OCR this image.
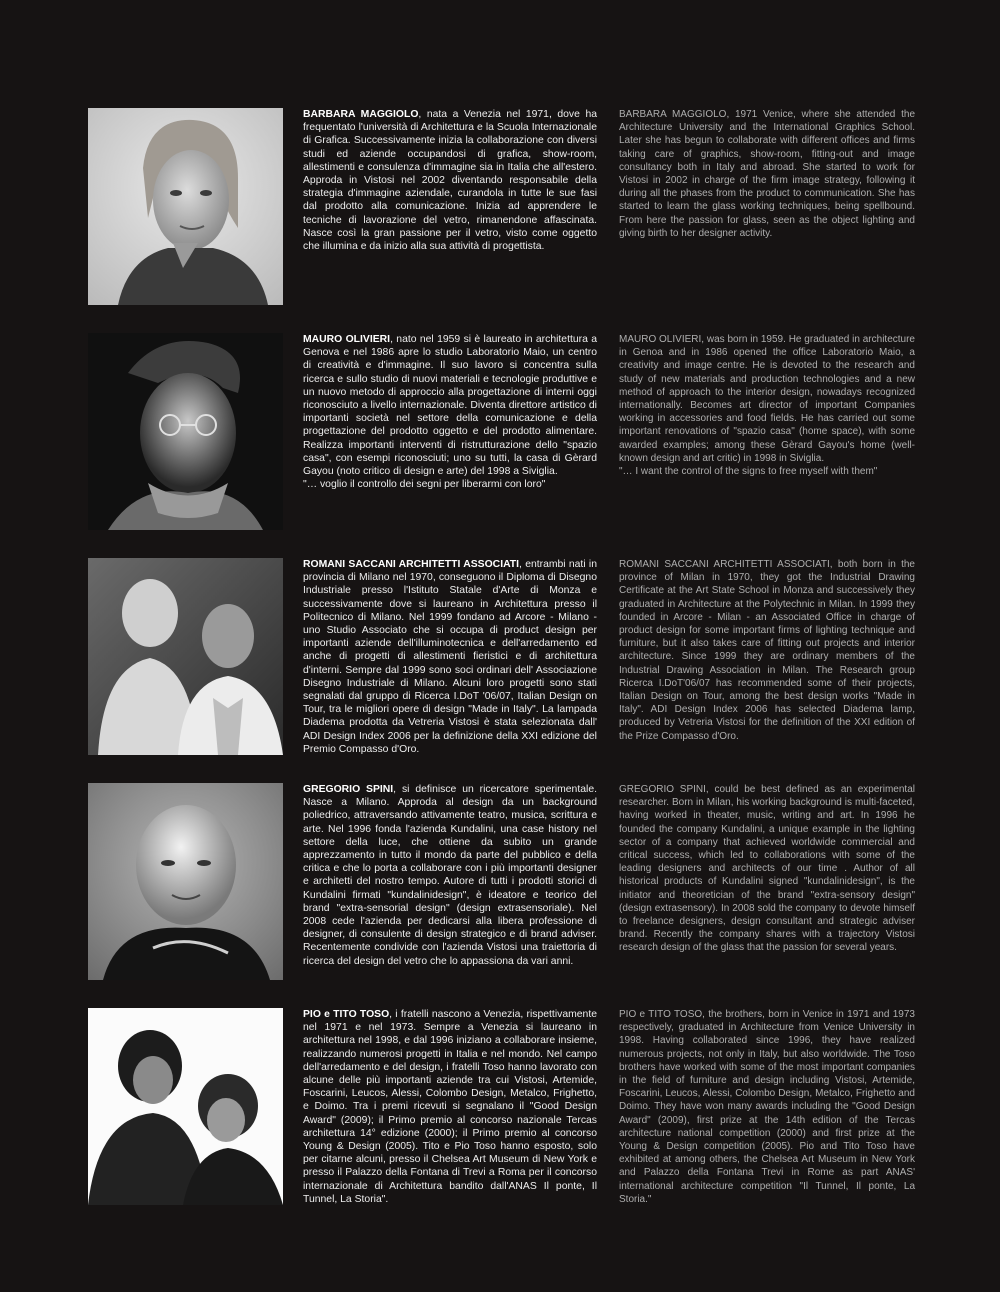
BARBARA MAGGIOLO, nata a Venezia nel 1971, dove ha frequentato l'università di Architettura e la Scuola Internazionale di Grafica. Successivamente inizia la collaborazione con diversi studi ed aziende occupandosi di grafica, show-room, allestimenti e consulenza d'immagine sia in Italia che all'estero. Approda in Vistosi nel 2002 diventando responsabile della strategia d'immagine aziendale, curandola in tutte le sue fasi dal prodotto alla comunicazione. Inizia ad apprendere le tecniche di lavorazione del vetro, rimanendone affascinata. Nasce così la gran passione per il vetro, visto come oggetto che illumina e da inizio alla sua attività di progettista.
BARBARA MAGGIOLO, 1971 Venice, where she attended the Architecture University and the International Graphics School. Later she has begun to collaborate with different offices and firms taking care of graphics, show-room, fitting-out and image consultancy both in Italy and abroad. She started to work for Vistosi in 2002 in charge of the firm image strategy, following it during all the phases from the product to communication. She has started to learn the glass working techniques, being spellbound. From here the passion for glass, seen as the object lighting and giving birth to her designer activity.
MAURO OLIVIERI, nato nel 1959 si è laureato in architettura a Genova e nel 1986 apre lo studio Laboratorio Maio, un centro di creatività e d'immagine. Il suo lavoro si concentra sulla ricerca e sullo studio di nuovi materiali e tecnologie produttive e un nuovo metodo di approccio alla progettazione di interni oggi riconosciuto a livello internazionale. Diventa direttore artistico di importanti società nel settore della comunicazione e della progettazione del prodotto oggetto e del prodotto alimentare. Realizza importanti interventi di ristrutturazione dello "spazio casa", con esempi riconosciuti; uno su tutti, la casa di Gèrard Gayou (noto critico di design e arte) del 1998 a Siviglia.
"… voglio il controllo dei segni per liberarmi con loro"
MAURO OLIVIERI, was born in 1959. He graduated in architecture in Genoa and in 1986 opened the office Laboratorio Maio, a creativity and image centre. He is devoted to the research and study of new materials and production technologies and a new method of approach to the interior design, nowadays recognized internationally. Becomes art director of important Companies working in accessories and food fields. He has carried out some important renovations of "spazio casa" (home space), with some awarded examples; among these Gèrard Gayou's home (well-known design and art critic) in 1998 in Siviglia.
"… I want the control of the signs to free myself with them"
ROMANI SACCANI ARCHITETTI ASSOCIATI, entrambi nati in provincia di Milano nel 1970, conseguono il Diploma di Disegno Industriale presso l'Istituto Statale d'Arte di Monza e successivamente dove si laureano in Architettura presso il Politecnico di Milano. Nel 1999 fondano ad Arcore - Milano - uno Studio Associato che si occupa di product design per importanti aziende dell'illuminotecnica e dell'arredamento ed anche di progetti di allestimenti fieristici e di architettura d'interni. Sempre dal 1999 sono soci ordinari dell' Associazione Disegno Industriale di Milano. Alcuni loro progetti sono stati segnalati dal gruppo di Ricerca I.DoT '06/07, Italian Design on Tour, tra le migliori opere di design "Made in Italy". La lampada Diadema prodotta da Vetreria Vistosi è stata selezionata dall' ADI Design Index 2006 per la definizione della XXI edizione del Premio Compasso d'Oro.
ROMANI SACCANI ARCHITETTI ASSOCIATI, both born in the province of Milan in 1970, they got the Industrial Drawing Certificate at the Art State School in Monza and successively they graduated in Architecture at the Polytechnic in Milan. In 1999 they founded in Arcore - Milan - an Associated Office in charge of product design for some important firms of lighting technique and furniture, but it also takes care of fitting out projects and interior architecture. Since 1999 they are ordinary members of the Industrial Drawing Association in Milan. The Research group Ricerca I.DoT'06/07 has recommended some of their projects, Italian Design on Tour, among the best design works "Made in Italy". ADI Design Index 2006 has selected Diadema lamp, produced by Vetreria Vistosi for the definition of the XXI edition of the Prize Compasso d'Oro.
GREGORIO SPINI, si definisce un ricercatore sperimentale. Nasce a Milano. Approda al design da un background poliedrico, attraversando attivamente teatro, musica, scrittura e arte. Nel 1996 fonda l'azienda Kundalini, una case history nel settore della luce, che ottiene da subito un grande apprezzamento in tutto il mondo da parte del pubblico e della critica e che lo porta a collaborare con i più importanti designer e architetti del nostro tempo. Autore di tutti i prodotti storici di Kundalini firmati "kundalinidesign", è ideatore e teorico del brand "extra-sensorial design" (design extrasensoriale). Nel 2008 cede l'azienda per dedicarsi alla libera professione di designer, di consulente di design strategico e di brand adviser. Recentemente condivide con l'azienda Vistosi una traiettoria di ricerca del design del vetro che lo appassiona da vari anni.
GREGORIO SPINI, could be best defined as an experimental researcher. Born in Milan, his working background is multi-faceted, having worked in theater, music, writing and art. In 1996 he founded the company Kundalini, a unique example in the lighting sector of a company that achieved worldwide commercial and critical success, which led to collaborations with some of the leading designers and architects of our time . Author of all historical products of Kundalini signed "kundalinidesign", is the initiator and theoretician of the brand "extra-sensory design" (design extrasensory). In 2008 sold the company to devote himself to freelance designers, design consultant and strategic adviser brand. Recently the company shares with a trajectory Vistosi research design of the glass that the passion for several years.
PIO e TITO TOSO, i fratelli nascono a Venezia, rispettivamente nel 1971 e nel 1973. Sempre a Venezia si laureano in architettura nel 1998, e dal 1996 iniziano a collaborare insieme, realizzando numerosi progetti in Italia e nel mondo. Nel campo dell'arredamento e del design, i fratelli Toso hanno lavorato con alcune delle più importanti aziende tra cui Vistosi, Artemide, Foscarini, Leucos, Alessi, Colombo Design, Metalco, Frighetto, e Doimo. Tra i premi ricevuti si segnalano il "Good Design Award" (2009); il Primo premio al concorso nazionale Tercas architettura 14° edizione (2000); il Primo premio al concorso Young & Design (2005). Tito e Pio Toso hanno esposto, solo per citarne alcuni, presso il Chelsea Art Museum di New York e presso il Palazzo della Fontana di Trevi a Roma per il concorso internazionale di Architettura bandito dall'ANAS Il ponte, Il Tunnel, La Storia".
PIO e TITO TOSO, the brothers, born in Venice in 1971 and 1973 respectively, graduated in Architecture from Venice University in 1998. Having collaborated since 1996, they have realized numerous projects, not only in Italy, but also worldwide. The Toso brothers have worked with some of the most important companies in the field of furniture and design including Vistosi, Artemide, Foscarini, Leucos, Alessi, Colombo Design, Metalco, Frighetto and Doimo. They have won many awards including the "Good Design Award" (2009), first prize at the 14th edition of the Tercas architecture national competition (2000) and first prize at the Young & Design competition (2005). Pio and Tito Toso have exhibited at among others, the Chelsea Art Museum in New York and Palazzo della Fontana Trevi in Rome as part ANAS' international architecture competition "Il Tunnel, Il ponte, La Storia."
